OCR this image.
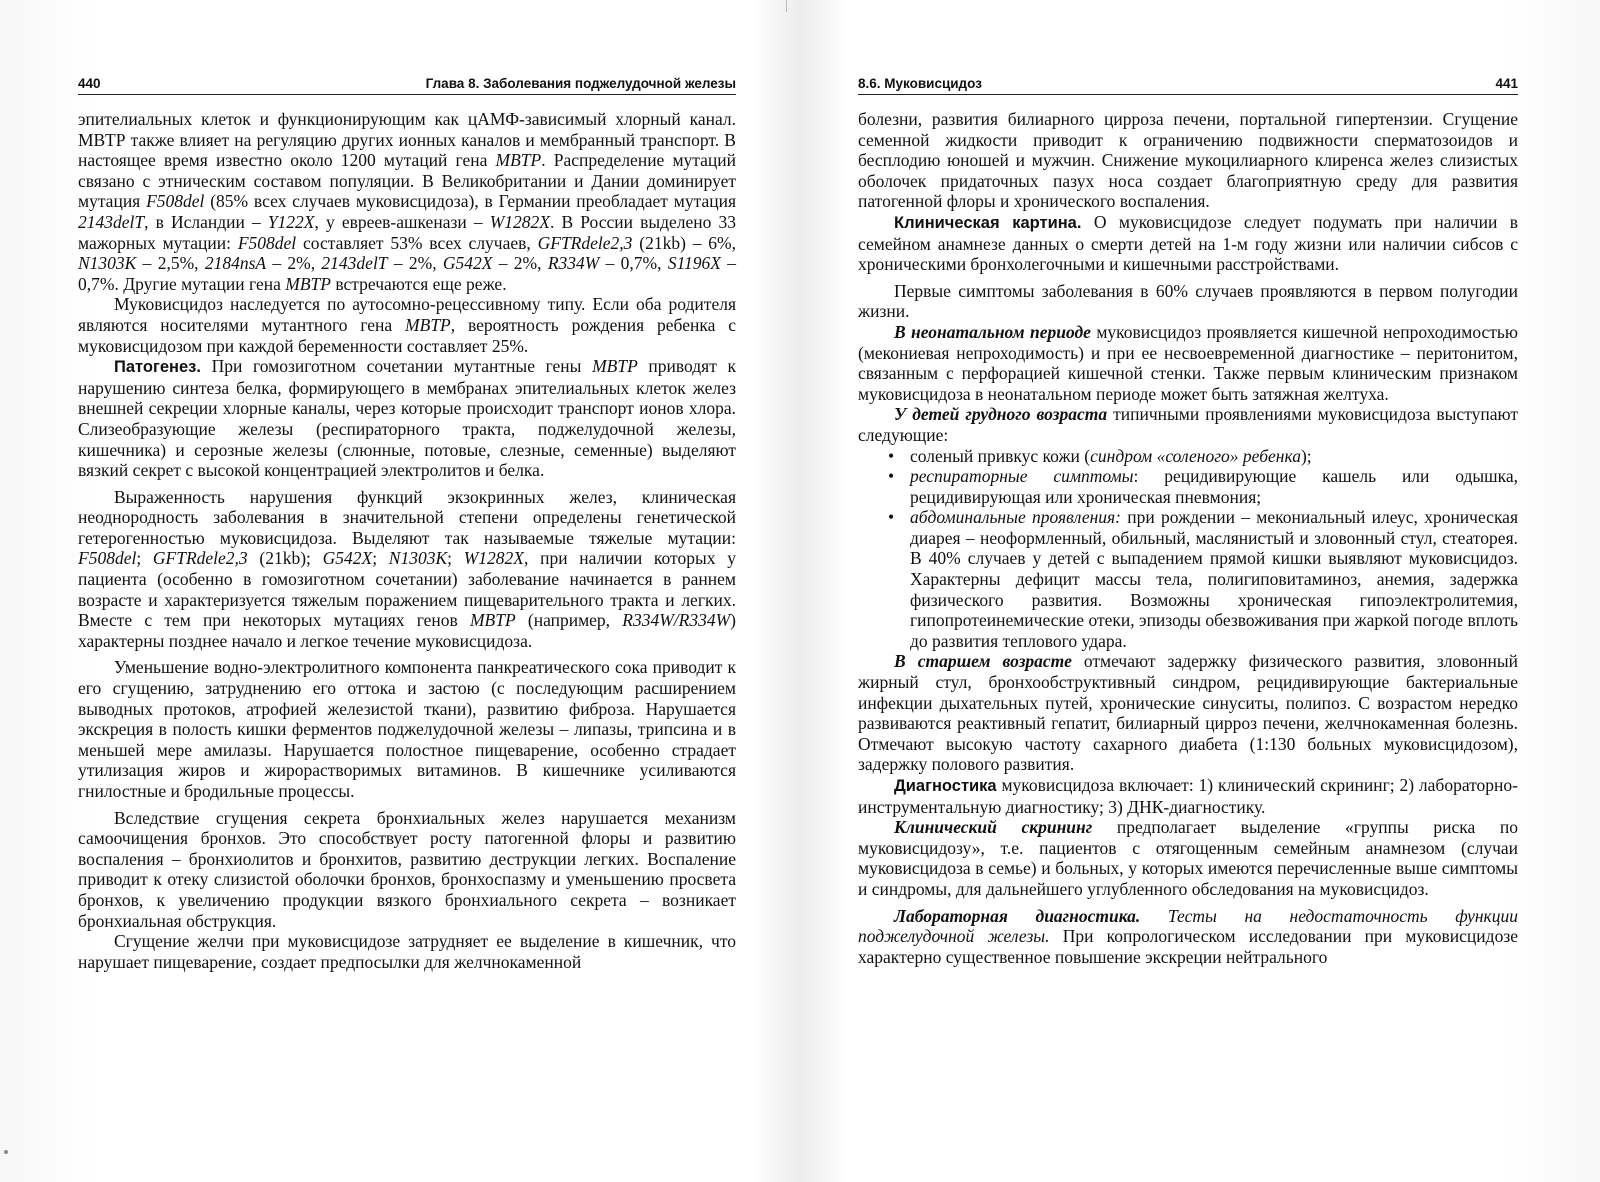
440	Глава 8. Заболевания поджелудочной железы

эпителиальных клеток и функционирующим как цАМФ-зависимый хлорный канал. МВТР также влияет на регуляцию других ионных каналов и мембранный транспорт. В настоящее время известно около 1200 мутаций гена MBTP. Распределение мутаций связано с этническим составом популяции. В Великобритании и Дании доминирует мутация F508del (85% всех случаев муковисцидоза), в Германии преобладает мутация 2143delT, в Исландии – Y122X, у евреев-ашкенази – W1282X. В России выделено 33 мажорных мутации: F508del составляет 53% всех случаев, GFTRdele2,3 (21kb) – 6%, N1303K – 2,5%, 2184nsA – 2%, 2143delT – 2%, G542X – 2%, R334W – 0,7%, S1196X – 0,7%. Другие мутации гена MBTP встречаются еще реже.

Муковисцидоз наследуется по аутосомно-рецессивному типу. Если оба родителя являются носителями мутантного гена MBTP, вероятность рождения ребенка с муковисцидозом при каждой беременности составляет 25%.

Патогенез. При гомозиготном сочетании мутантные гены MBTP приводят к нарушению синтеза белка, формирующего в мембранах эпителиальных клеток желез внешней секреции хлорные каналы, через которые происходит транспорт ионов хлора. Слизеобразующие железы (респираторного тракта, поджелудочной железы, кишечника) и серозные железы (слюнные, потовые, слезные, семенные) выделяют вязкий секрет с высокой концентрацией электролитов и белка.

Выраженность нарушения функций экзокринных желез, клиническая неоднородность заболевания в значительной степени определены генетической гетерогенностью муковисцидоза. Выделяют так называемые тяжелые мутации: F508del; GFTRdele2,3 (21kb); G542X; N1303K; W1282X, при наличии которых у пациента (особенно в гомозиготном сочетании) заболевание начинается в раннем возрасте и характеризуется тяжелым поражением пищеварительного тракта и легких. Вместе с тем при некоторых мутациях генов MBTP (например, R334W/R334W) характерны позднее начало и легкое течение муковисцидоза.

Уменьшение водно-электролитного компонента панкреатического сока приводит к его сгущению, затруднению его оттока и застою (с последующим расширением выводных протоков, атрофией железистой ткани), развитию фиброза. Нарушается экскреция в полость кишки ферментов поджелудочной железы – липазы, трипсина и в меньшей мере амилазы. Нарушается полостное пищеварение, особенно страдает утилизация жиров и жирорастворимых витаминов. В кишечнике усиливаются гнилостные и бродильные процессы.

Вследствие сгущения секрета бронхиальных желез нарушается механизм самоочищения бронхов. Это способствует росту патогенной флоры и развитию воспаления – бронхиолитов и бронхитов, развитию деструкции легких. Воспаление приводит к отеку слизистой оболочки бронхов, бронхоспазму и уменьшению просвета бронхов, к увеличению продукции вязкого бронхиального секрета – возникает бронхиальная обструкция.

Сгущение желчи при муковисцидозе затрудняет ее выделение в кишечник, что нарушает пищеварение, создает предпосылки для желчнокаменной

8.6. Муковисцидоз	441

болезни, развития билиарного цирроза печени, портальной гипертензии. Сгущение семенной жидкости приводит к ограничению подвижности сперматозоидов и бесплодию юношей и мужчин. Снижение мукоцилиарного клиренса желез слизистых оболочек придаточных пазух носа создает благоприятную среду для развития патогенной флоры и хронического воспаления.

Клиническая картина. О муковисцидозе следует подумать при наличии в семейном анамнезе данных о смерти детей на 1-м году жизни или наличии сибсов с хроническими бронхолегочными и кишечными расстройствами.

Первые симптомы заболевания в 60% случаев проявляются в первом полугодии жизни.

В неонатальном периоде муковисцидоз проявляется кишечной непроходимостью (мекониевая непроходимость) и при ее несвоевременной диагностике – перитонитом, связанным с перфорацией кишечной стенки. Также первым клиническим признаком муковисцидоза в неонатальном периоде может быть затяжная желтуха.

У детей грудного возраста типичными проявлениями муковисцидоза выступают следующие:

• соленый привкус кожи (синдром «соленого» ребенка);
• респираторные симптомы: рецидивирующие кашель или одышка, рецидивирующая или хроническая пневмония;
• абдоминальные проявления: при рождении – мекониальный илеус, хроническая диарея – неоформленный, обильный, маслянистый и зловонный стул, стеаторея. В 40% случаев у детей с выпадением прямой кишки выявляют муковисцидоз. Характерны дефицит массы тела, полигиповитаминоз, анемия, задержка физического развития. Возможны хроническая гипоэлектролитемия, гипопротеинемические отеки, эпизоды обезвоживания при жаркой погоде вплоть до развития теплового удара.

В старшем возрасте отмечают задержку физического развития, зловонный жирный стул, бронхообструктивный синдром, рецидивирующие бактериальные инфекции дыхательных путей, хронические синуситы, полипоз. С возрастом нередко развиваются реактивный гепатит, билиарный цирроз печени, желчнокаменная болезнь. Отмечают высокую частоту сахарного диабета (1:130 больных муковисцидозом), задержку полового развития.

Диагностика муковисцидоза включает: 1) клинический скрининг; 2) лабораторно-инструментальную диагностику; 3) ДНК-диагностику.

Клинический скрининг предполагает выделение «группы риска по муковисцидозу», т.е. пациентов с отягощенным семейным анамнезом (случаи муковисцидоза в семье) и больных, у которых имеются перечисленные выше симптомы и синдромы, для дальнейшего углубленного обследования на муковисцидоз.

Лабораторная диагностика. Тесты на недостаточность функции поджелудочной железы. При копрологическом исследовании при муковисцидозе характерно существенное повышение экскреции нейтрального
